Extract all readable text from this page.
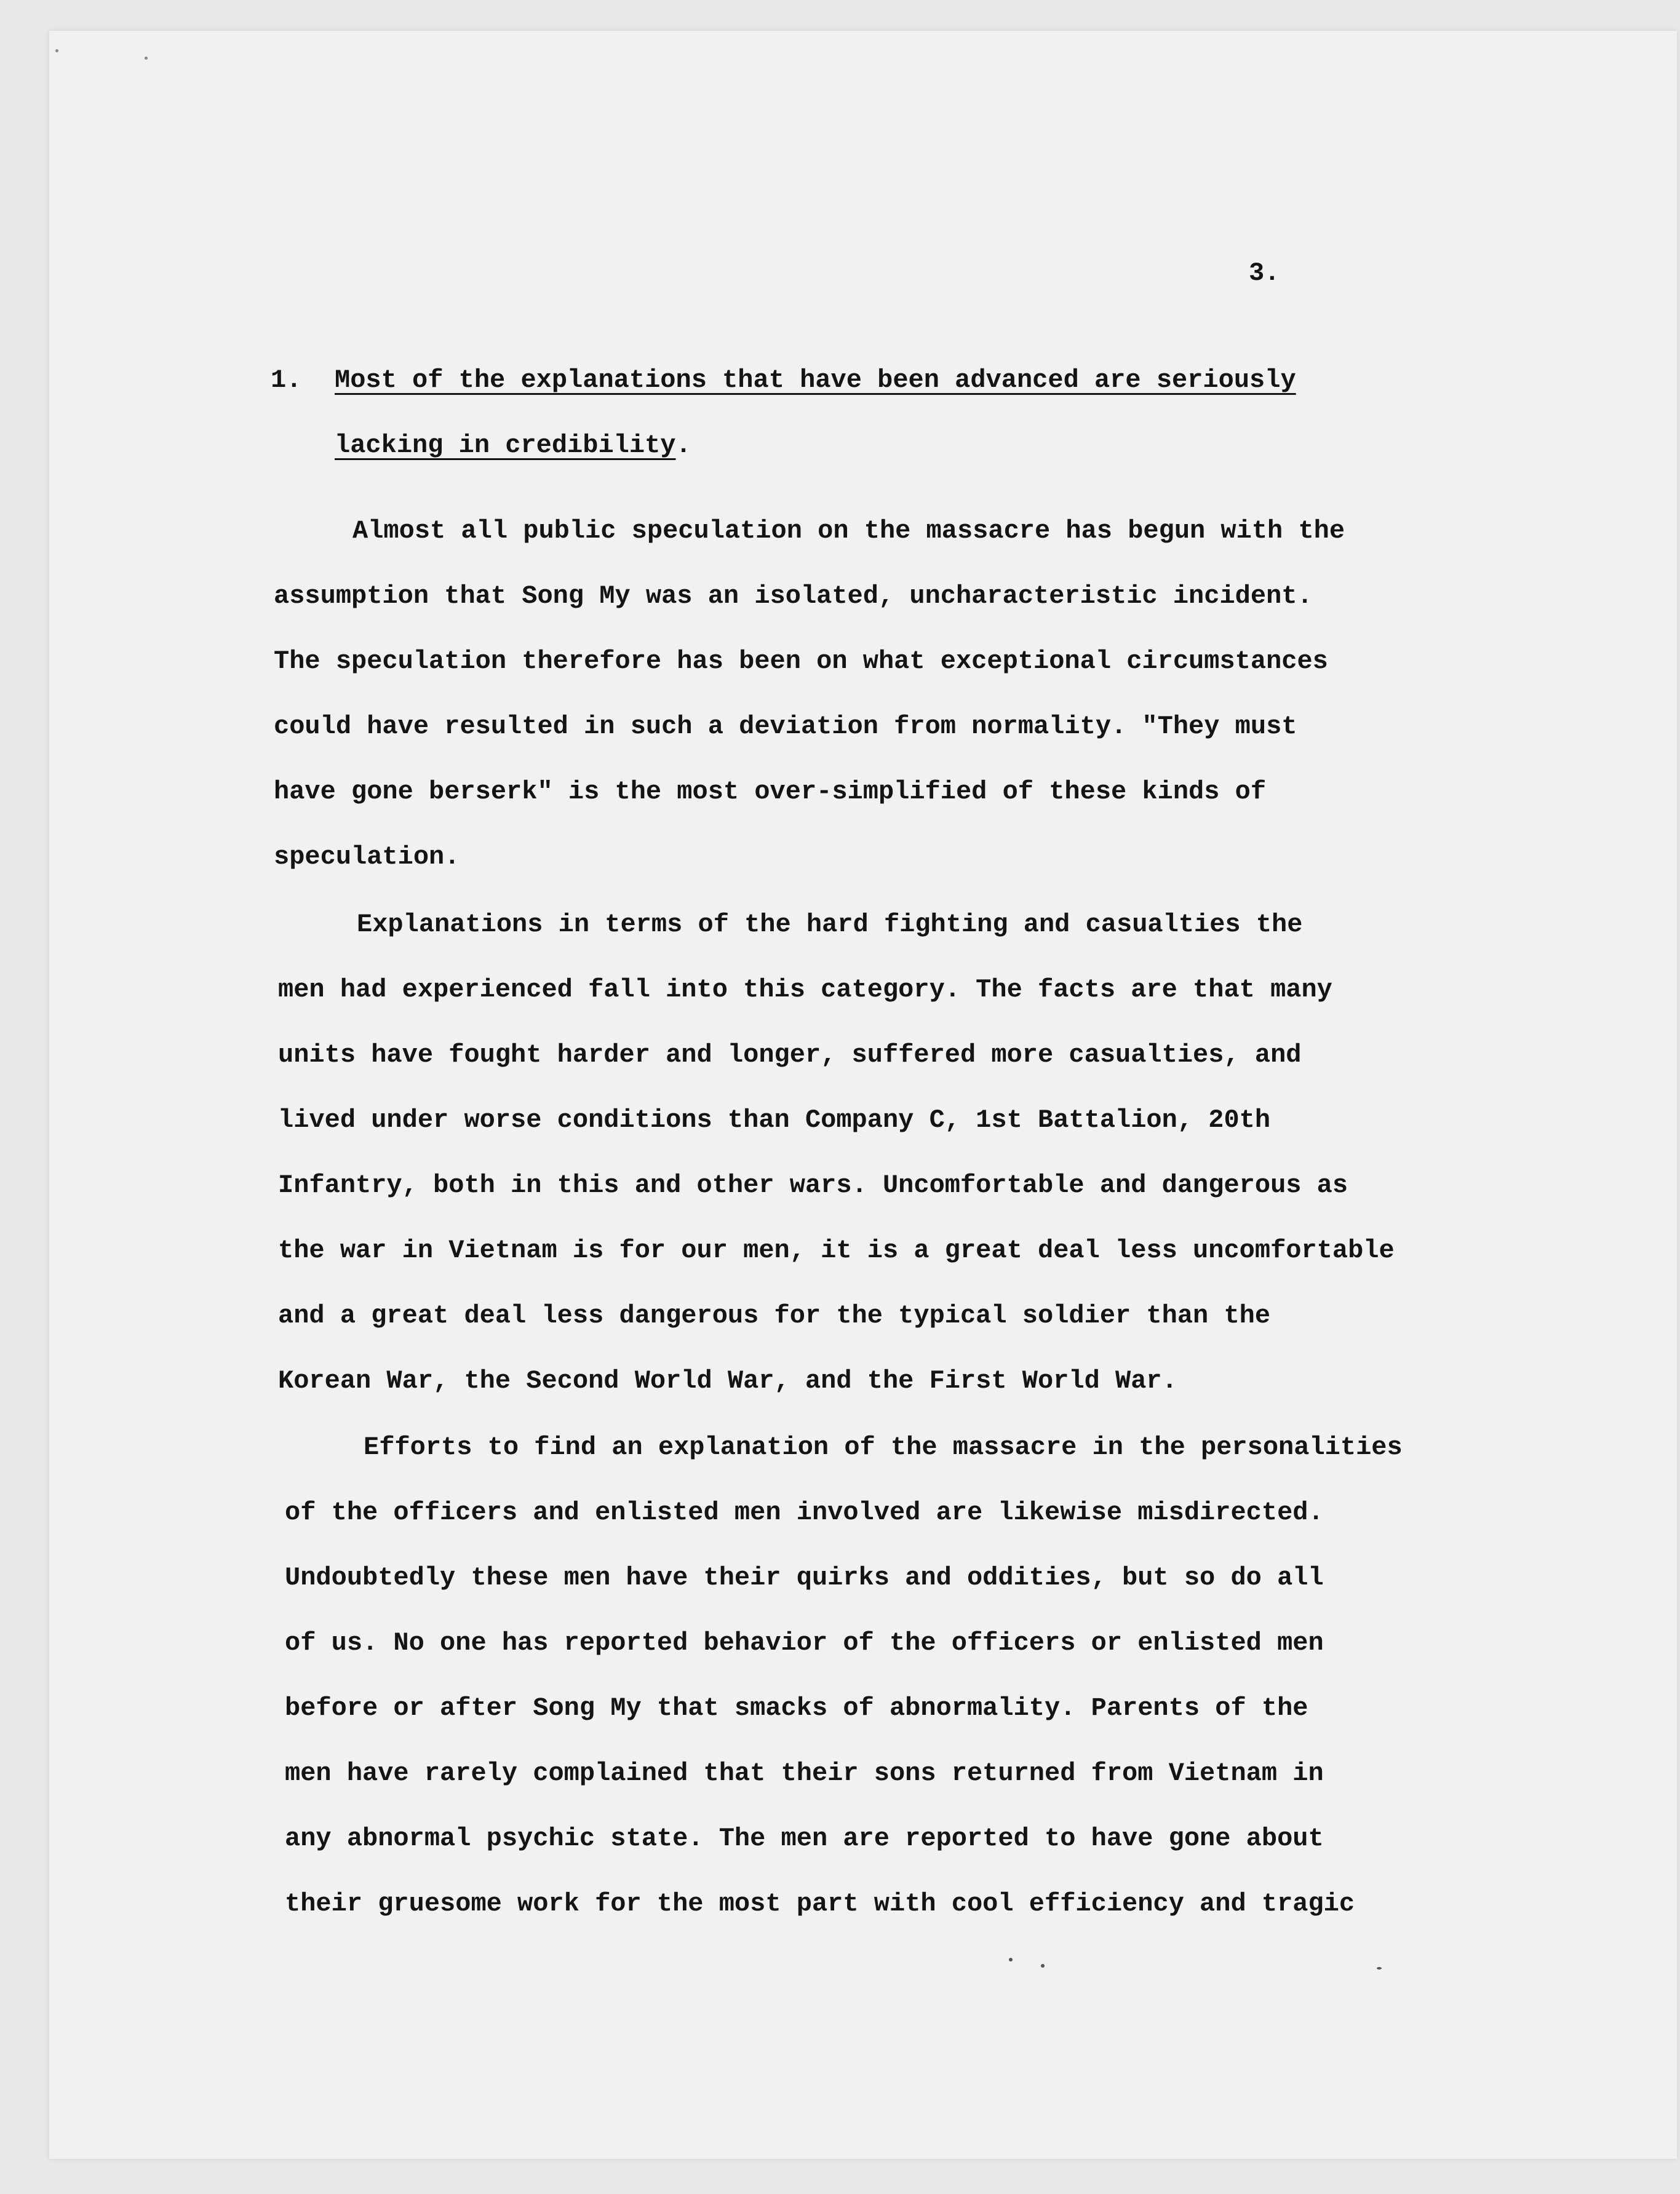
3.

1.	Most of the explanations that have been advanced are seriously
lacking in credibility.
Almost all public speculation on the massacre has begun with the
assumption that Song My was an isolated, uncharacteristic incident.
The speculation therefore has been on what exceptional circumstances
could have resulted in such a deviation from normality. "They must
have gone berserk" is the most over-simplified of these kinds of
speculation.
Explanations in terms of the hard fighting and casualties the
men had experienced fall into this category. The facts are that many
units have fought harder and longer, suffered more casualties, and
lived under worse conditions than Company C, 1st Battalion, 20th
Infantry, both in this and other wars. Uncomfortable and dangerous as
the war in Vietnam is for our men, it is a great deal less uncomfortable
and a great deal less dangerous for the typical soldier than the
Korean War, the Second World War, and the First World War.
Efforts to find an explanation of the massacre in the personalities
of the officers and enlisted men involved are likewise misdirected.
Undoubtedly these men have their quirks and oddities, but so do all
of us. No one has reported behavior of the officers or enlisted men
before or after Song My that smacks of abnormality. Parents of the
men have rarely complained that their sons returned from Vietnam in
any abnormal psychic state. The men are reported to have gone about
their gruesome work for the most part with cool efficiency and tragic
